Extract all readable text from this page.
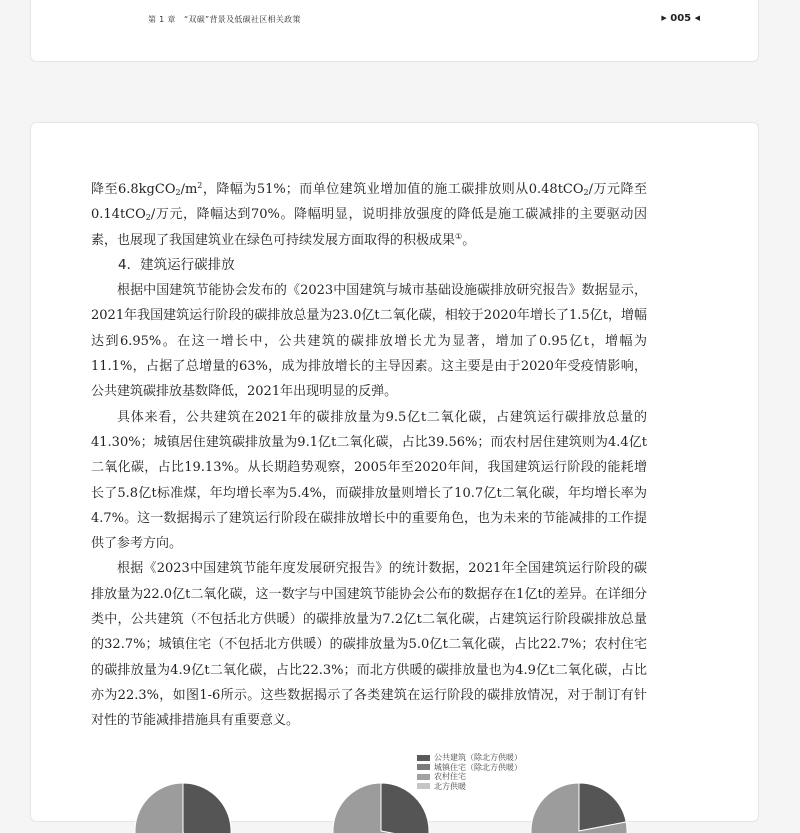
第 1 章　“双碳”背景及低碳社区相关政策	▶ 005 ◀

降至$6.8kgCO_2/m^2$，降幅为51%；而单位建筑业增加值的施工碳排放则从0.48tCO$_2$/万元降至0.14tCO$_2$/万元，降幅达到70%。降幅明显，说明排放强度的降低是施工碳减排的主要驱动因素，也展现了我国建筑业在绿色可持续发展方面取得的积极成果①。

4．建筑运行碳排放

根据中国建筑节能协会发布的《2023中国建筑与城市基础设施碳排放研究报告》数据显示，2021年我国建筑运行阶段的碳排放总量为23.0亿t二氧化碳，相较于2020年增长了1.5亿t，增幅达到6.95%。在这一增长中，公共建筑的碳排放增长尤为显著，增加了0.95亿t，增幅为11.1%，占据了总增量的63%，成为排放增长的主导因素。这主要是由于2020年受疫情影响，公共建筑碳排放基数降低，2021年出现明显的反弹。

具体来看，公共建筑在2021年的碳排放量为9.5亿t二氧化碳，占建筑运行碳排放总量的41.30%；城镇居住建筑碳排放量为9.1亿t二氧化碳，占比39.56%；而农村居住建筑则为4.4亿t二氧化碳，占比19.13%。从长期趋势观察，2005年至2020年间，我国建筑运行阶段的能耗增长了5.8亿t标准煤，年均增长率为5.4%，而碳排放量则增长了10.7亿t二氧化碳，年均增长率为4.7%。这一数据揭示了建筑运行阶段在碳排放增长中的重要角色，也为未来的节能减排的工作提供了参考方向。

根据《2023中国建筑节能年度发展研究报告》的统计数据，2021年全国建筑运行阶段的碳排放量为22.0亿t二氧化碳，这一数字与中国建筑节能协会公布的数据存在1亿t的差异。在详细分类中，公共建筑（不包括北方供暖）的碳排放量为7.2亿t二氧化碳，占建筑运行阶段碳排放总量的32.7%；城镇住宅（不包括北方供暖）的碳排放量为5.0亿t二氧化碳，占比22.7%；农村住宅的碳排放量为4.9亿t二氧化碳，占比22.3%；而北方供暖的碳排放量也为4.9亿t二氧化碳，占比亦为22.3%，如图1-6所示。这些数据揭示了各类建筑在运行阶段的碳排放情况，对于制订有针对性的节能减排措施具有重要意义。

公共建筑（除北方供暖）
城镇住宅（除北方供暖）
农村住宅
北方供暖
